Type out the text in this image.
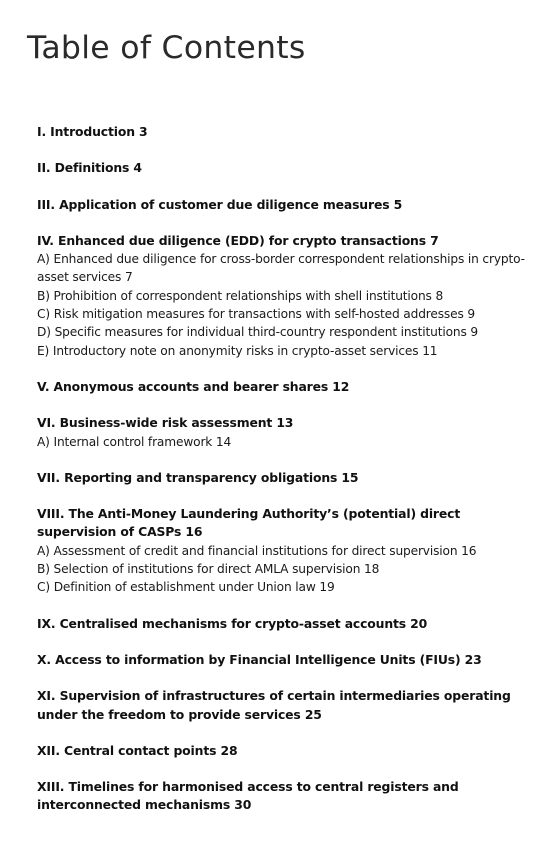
Table of Contents
I. Introduction 3
II. Definitions 4
III. Application of customer due diligence measures 5
IV. Enhanced due diligence (EDD) for crypto transactions 7
A) Enhanced due diligence for cross-border correspondent relationships in crypto-asset services 7
B) Prohibition of correspondent relationships with shell institutions 8
C) Risk mitigation measures for transactions with self-hosted addresses 9
D) Specific measures for individual third-country respondent institutions 9
E) Introductory note on anonymity risks in crypto-asset services 11
V. Anonymous accounts and bearer shares 12
VI. Business-wide risk assessment 13
A) Internal control framework 14
VII. Reporting and transparency obligations 15
VIII. The Anti-Money Laundering Authority’s (potential) direct supervision of CASPs 16
A) Assessment of credit and financial institutions for direct supervision 16
B) Selection of institutions for direct AMLA supervision 18
C) Definition of establishment under Union law 19
IX. Centralised mechanisms for crypto-asset accounts 20
X. Access to information by Financial Intelligence Units (FIUs) 23
XI. Supervision of infrastructures of certain intermediaries operating under the freedom to provide services 25
XII. Central contact points 28
XIII. Timelines for harmonised access to central registers and interconnected mechanisms 30
